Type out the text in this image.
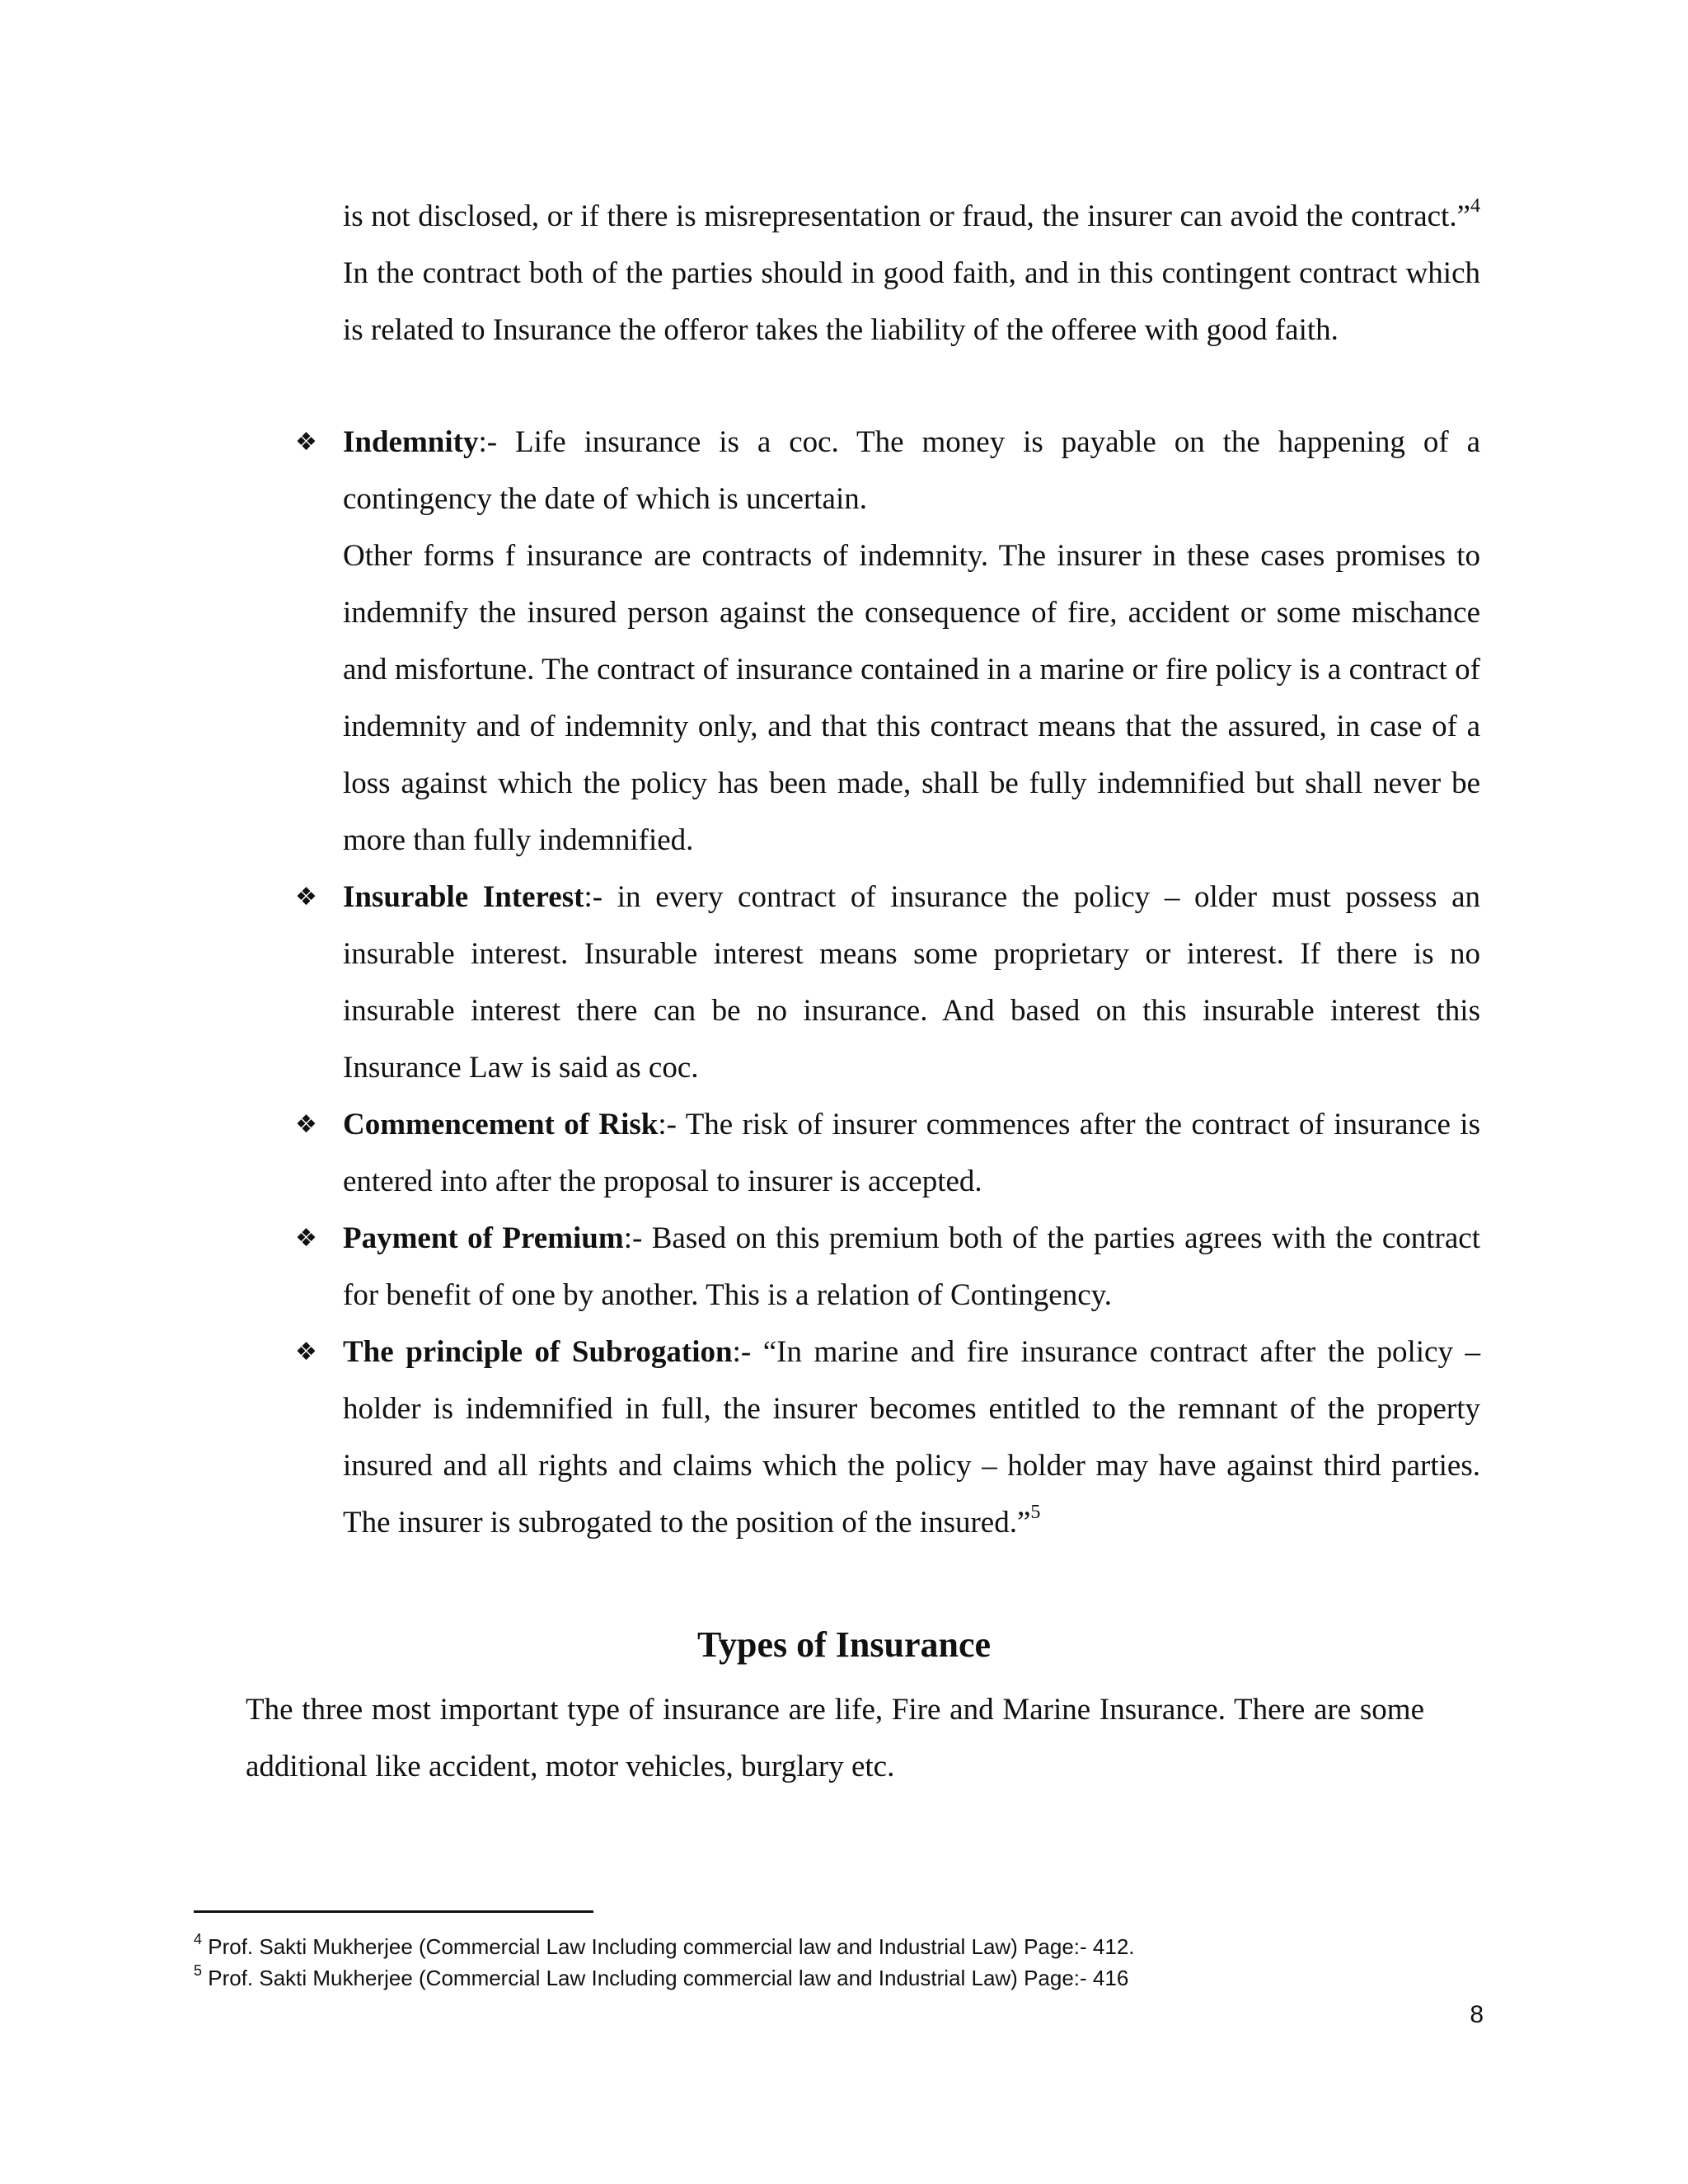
is not disclosed, or if there is misrepresentation or fraud, the insurer can avoid the contract.”$^4$ In the contract both of the parties should in good faith, and in this contingent contract which is related to Insurance the offeror takes the liability of the offeree with good faith.

❖ Indemnity:- Life insurance is a coc. The money is payable on the happening of a contingency the date of which is uncertain.

Other forms f insurance are contracts of indemnity. The insurer in these cases promises to indemnify the insured person against the consequence of fire, accident or some mischance and misfortune. The contract of insurance contained in a marine or fire policy is a contract of indemnity and of indemnity only, and that this contract means that the assured, in case of a loss against which the policy has been made, shall be fully indemnified but shall never be more than fully indemnified.

❖ Insurable Interest:- in every contract of insurance the policy – older must possess an insurable interest. Insurable interest means some proprietary or interest. If there is no insurable interest there can be no insurance. And based on this insurable interest this Insurance Law is said as coc.

❖ Commencement of Risk:- The risk of insurer commences after the contract of insurance is entered into after the proposal to insurer is accepted.

❖ Payment of Premium:- Based on this premium both of the parties agrees with the contract for benefit of one by another. This is a relation of Contingency.

❖ The principle of Subrogation:- “In marine and fire insurance contract after the policy – holder is indemnified in full, the insurer becomes entitled to the remnant of the property insured and all rights and claims which the policy – holder may have against third parties. The insurer is subrogated to the position of the insured.”$^5$

Types of Insurance

The three most important type of insurance are life, Fire and Marine Insurance. There are some additional like accident, motor vehicles, burglary etc.

$^4$ Prof. Sakti Mukherjee (Commercial Law Including commercial law and Industrial Law) Page:- 412.

$^5$ Prof. Sakti Mukherjee (Commercial Law Including commercial law and Industrial Law) Page:- 416

8
